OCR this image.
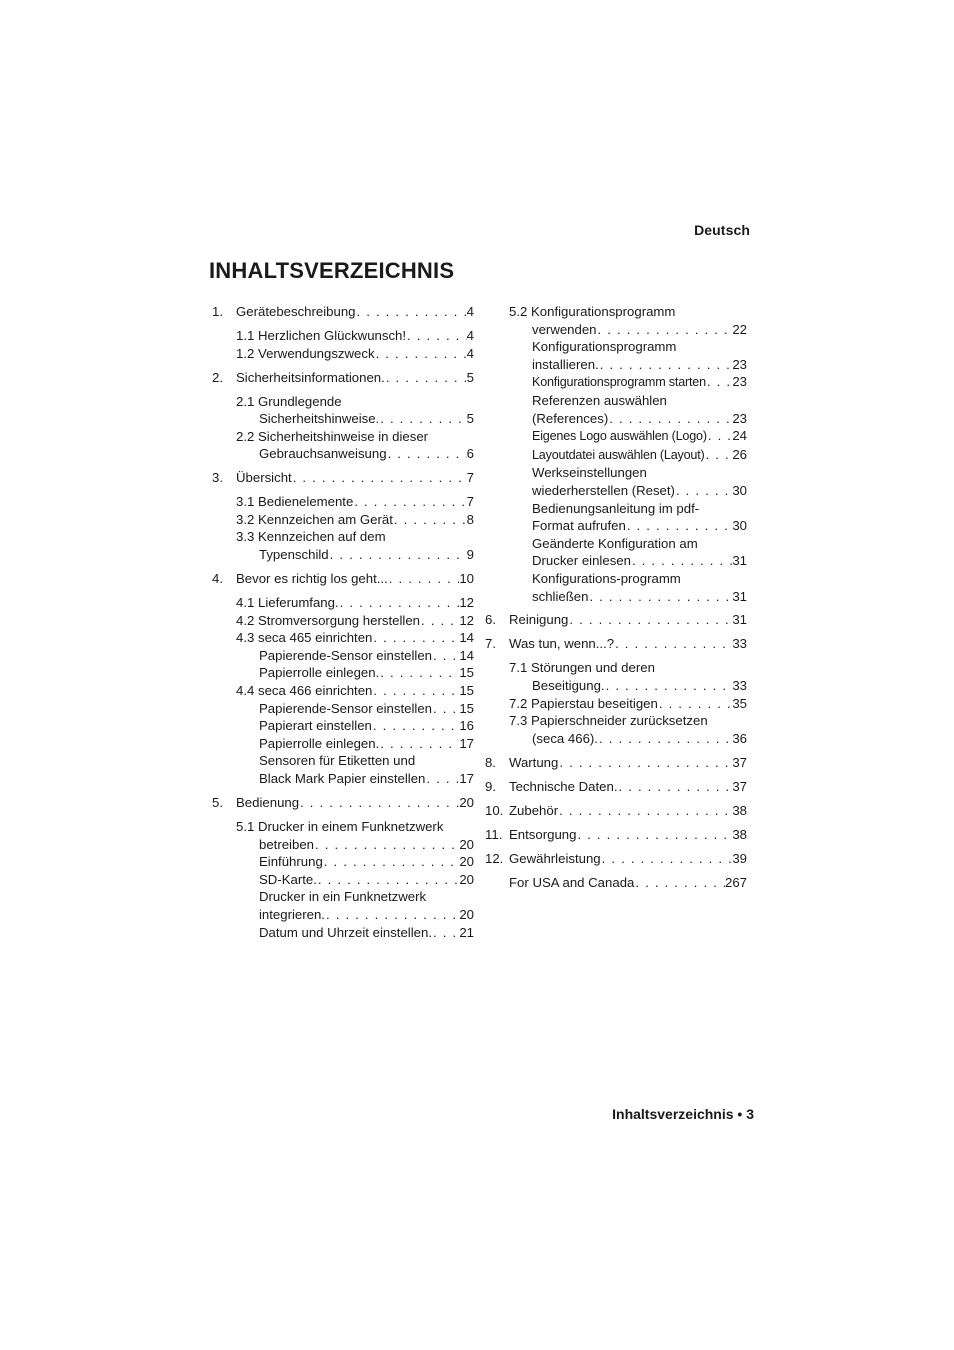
Deutsch
INHALTSVERZEICHNIS
1. Gerätebeschreibung . . .	4
1.1 Herzlichen Glückwunsch! . . .	4
1.2 Verwendungszweck . . .	4
2. Sicherheitsinformationen. . . .	5
2.1 Grundlegende
Sicherheitshinweise. . . .	5
2.2 Sicherheitshinweise in dieser
Gebrauchsanweisung . . .	6
3. Übersicht . . .	7
3.1 Bedienelemente . . .	7
3.2 Kennzeichen am Gerät . . .	8
3.3 Kennzeichen auf dem
Typenschild . . .	9
4. Bevor es richtig los geht... . . .	10
4.1 Lieferumfang. . . .	12
4.2 Stromversorgung herstellen . . .	12
4.3 seca 465 einrichten . . .	14
Papierende-Sensor einstellen . . . 14
Papierrolle einlegen. . . .	15
4.4 seca 466 einrichten . . .	15
Papierende-Sensor einstellen . . . 15
Papierart einstellen . . .	16
Papierrolle einlegen. . . .	17
Sensoren für Etiketten und
Black Mark Papier einstellen . . .	17
5. Bedienung . . .	20
5.1 Drucker in einem Funknetzwerk
betreiben . . .	20
Einführung . . .	20
SD-Karte. . . .	20
Drucker in ein Funknetzwerk
integrieren. . . .	20
Datum und Uhrzeit einstellen. . . . 21
5.2 Konfigurationsprogramm
verwenden . . .	22
Konfigurationsprogramm
installieren. . . .	23
Konfigurationsprogramm starten . . . 23
Referenzen auswählen
(References) . . .	23
Eigenes Logo auswählen (Logo) . . . 24
Layoutdatei auswählen (Layout) . . . 26
Werkseinstellungen
wiederherstellen (Reset) . . .	30
Bedienungsanleitung im pdf-
Format aufrufen . . .	30
Geänderte Konfiguration am
Drucker einlesen . . .	31
Konfigurations-programm
schließen . . .	31
6. Reinigung . . .	31
7. Was tun, wenn...? . . .	33
7.1 Störungen und deren
Beseitigung. . . .	33
7.2 Papierstau beseitigen . . .	35
7.3 Papierschneider zurücksetzen
(seca 466). . . .	36
8. Wartung . . .	37
9. Technische Daten. . . .	37
10. Zubehör . . .	38
11. Entsorgung . . .	38
12. Gewährleistung . . .	39
For USA and Canada . . .	267
Inhaltsverzeichnis • 3
